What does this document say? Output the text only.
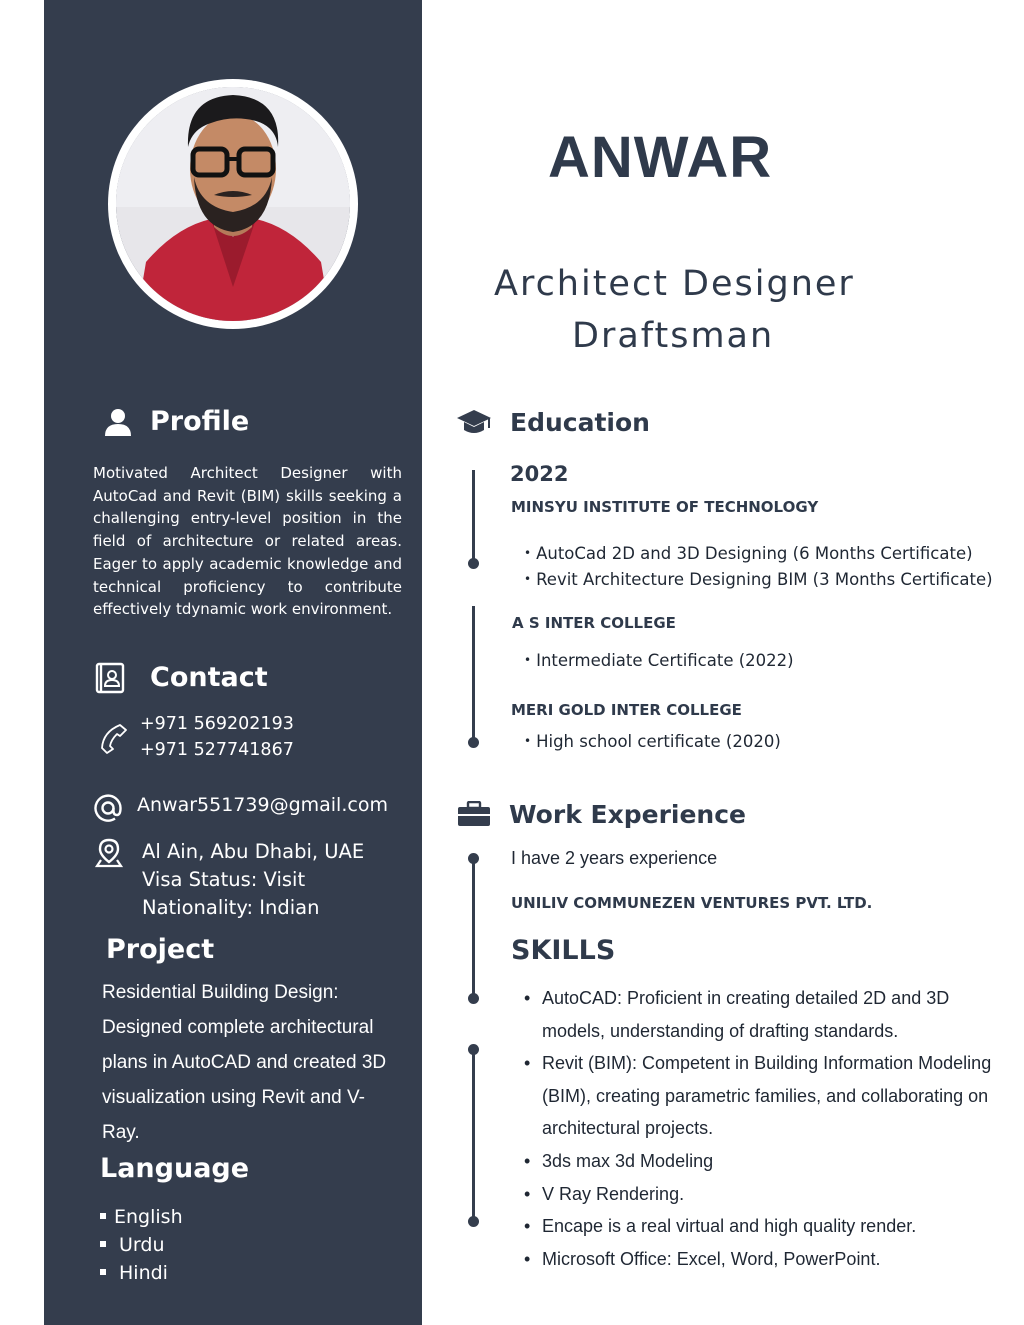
Profile
Motivated Architect Designer with AutoCad and Revit (BIM) skills seeking a challenging entry-level position in the field of architecture or related areas. Eager to apply academic knowledge and technical proficiency to contribute effectively tdynamic work environment.
Contact
+971 569202193
+971 527741867
Anwar551739@gmail.com
Al Ain, Abu Dhabi, UAE
Visa Status: Visit
Nationality: Indian
Project
Residential Building Design:
Designed complete architectural
plans in AutoCAD and created 3D
visualization using Revit and V-
Ray.
Language
English
Urdu
Hindi
ANWAR
Architect Designer
Draftsman
Education
2022
MINSYU INSTITUTE OF TECHNOLOGY
• AutoCad 2D and 3D Designing (6 Months Certificate)
• Revit Architecture Designing BIM (3 Months Certificate)
A S INTER COLLEGE
• Intermediate Certificate (2022)
MERI GOLD INTER COLLEGE
• High school certificate (2020)
Work Experience
I have 2 years experience
UNILIV COMMUNEZEN VENTURES PVT. LTD.
SKILLS
• AutoCAD: Proficient in creating detailed 2D and 3D models, understanding of drafting standards.
• Revit (BIM): Competent in Building Information Modeling (BIM), creating parametric families, and collaborating on architectural projects.
• 3ds max 3d Modeling
• V Ray Rendering.
• Encape is a real virtual and high quality render.
• Microsoft Office: Excel, Word, PowerPoint.
